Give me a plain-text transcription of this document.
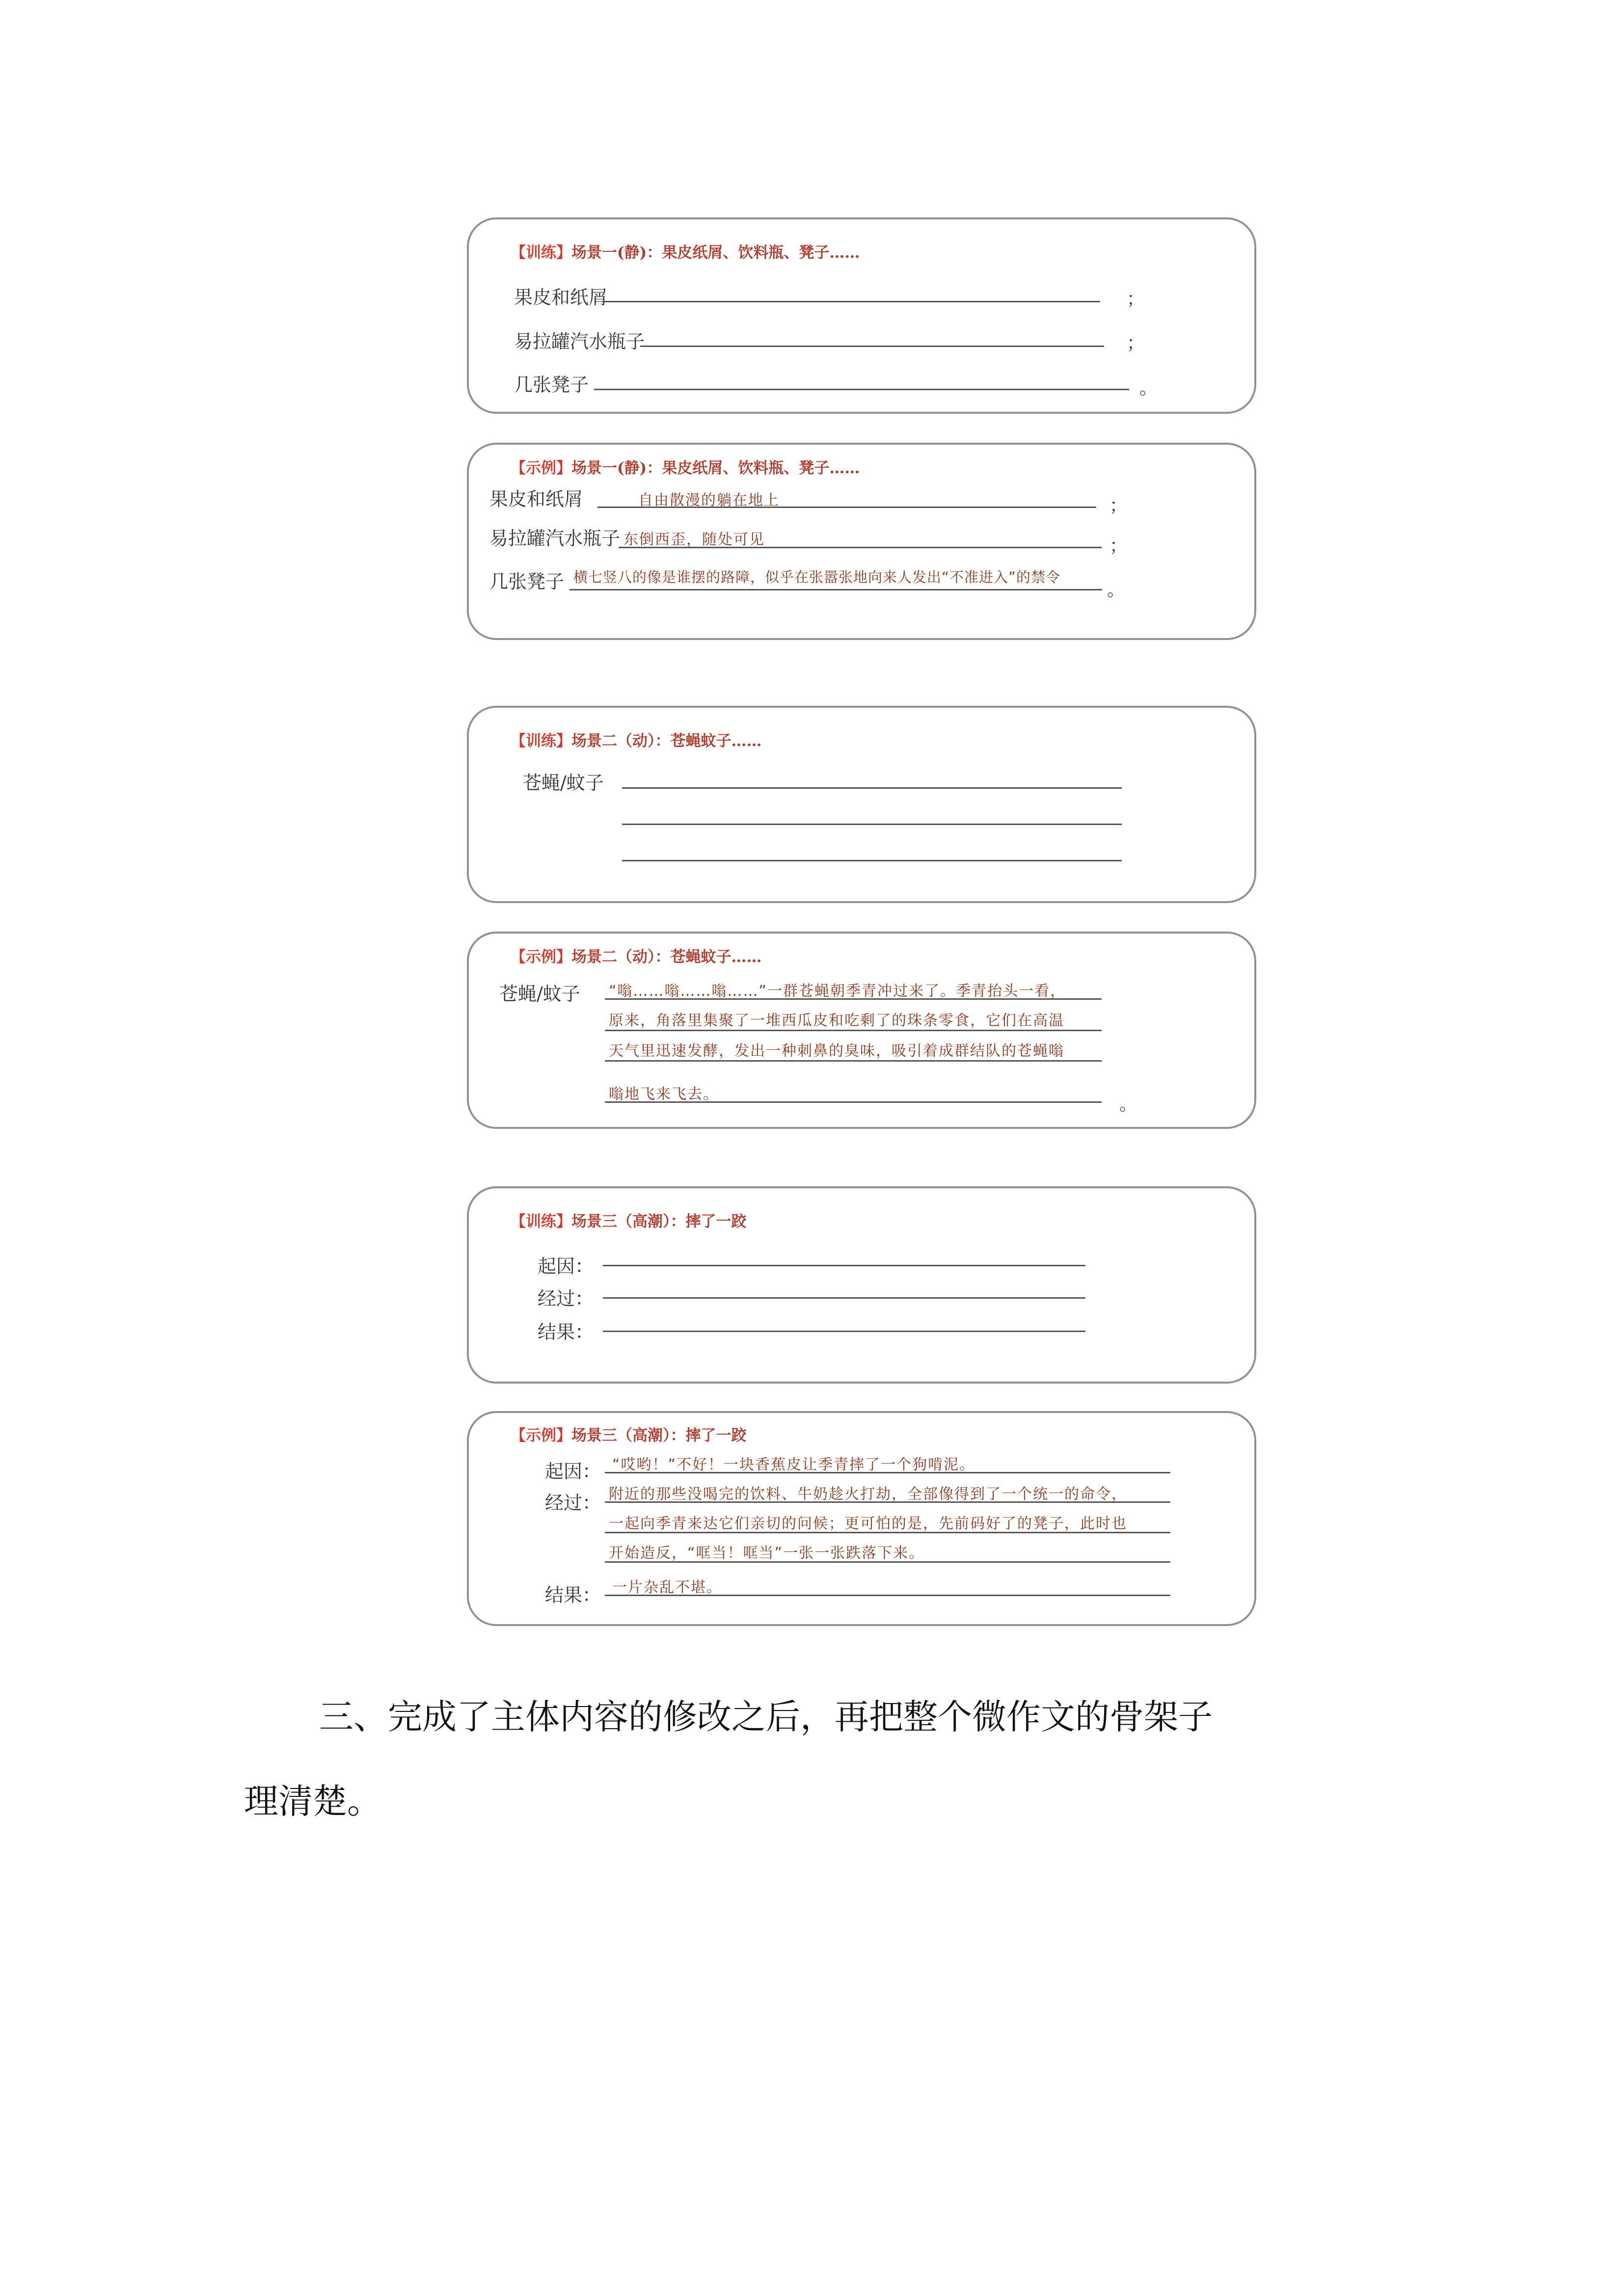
【训练】场景一(静)：果皮纸屑、饮料瓶、凳子……
果皮和纸屑	；
易拉罐汽水瓶子	；
几张凳子	。
【示例】场景一(静)：果皮纸屑、饮料瓶、凳子……
果皮和纸屑	自由散漫的躺在地上	；
易拉罐汽水瓶子 东倒西歪，随处可见	；
几张凳子 横七竖八的像是谁摆的路障，似乎在张嚣张地向来人发出“不准进入”的禁令
。
【训练】场景二（动）：苍蝇蚊子……
苍蝇/蚊子
【示例】场景二（动）：苍蝇蚊子……
苍蝇/蚊子 “嗡……嗡……嗡……”一群苍蝇朝季青冲过来了。季青抬头一看，
原来，角落里集聚了一堆西瓜皮和吃剩了的珠条零食，它们在高温
天气里迅速发酵，发出一种刺鼻的臭味，吸引着成群结队的苍蝇嗡
嗡地飞来飞去。
。
【训练】场景三（高潮）：摔了一跤
起因：
经过：
结果：
【示例】场景三（高潮）：摔了一跤
起因： “哎哟！”不好！一块香蕉皮让季青摔了一个狗啃泥。
经过： 附近的那些没喝完的饮料、牛奶趁火打劫，全部像得到了一个统一的命令，
一起向季青来达它们亲切的问候；更可怕的是，先前码好了的凳子，此时也
开始造反，“哐当！哐当”一张一张跌落下来。
结果： 一片杂乱不堪。
三、完成了主体内容的修改之后，再把整个微作文的骨架子
理清楚。
